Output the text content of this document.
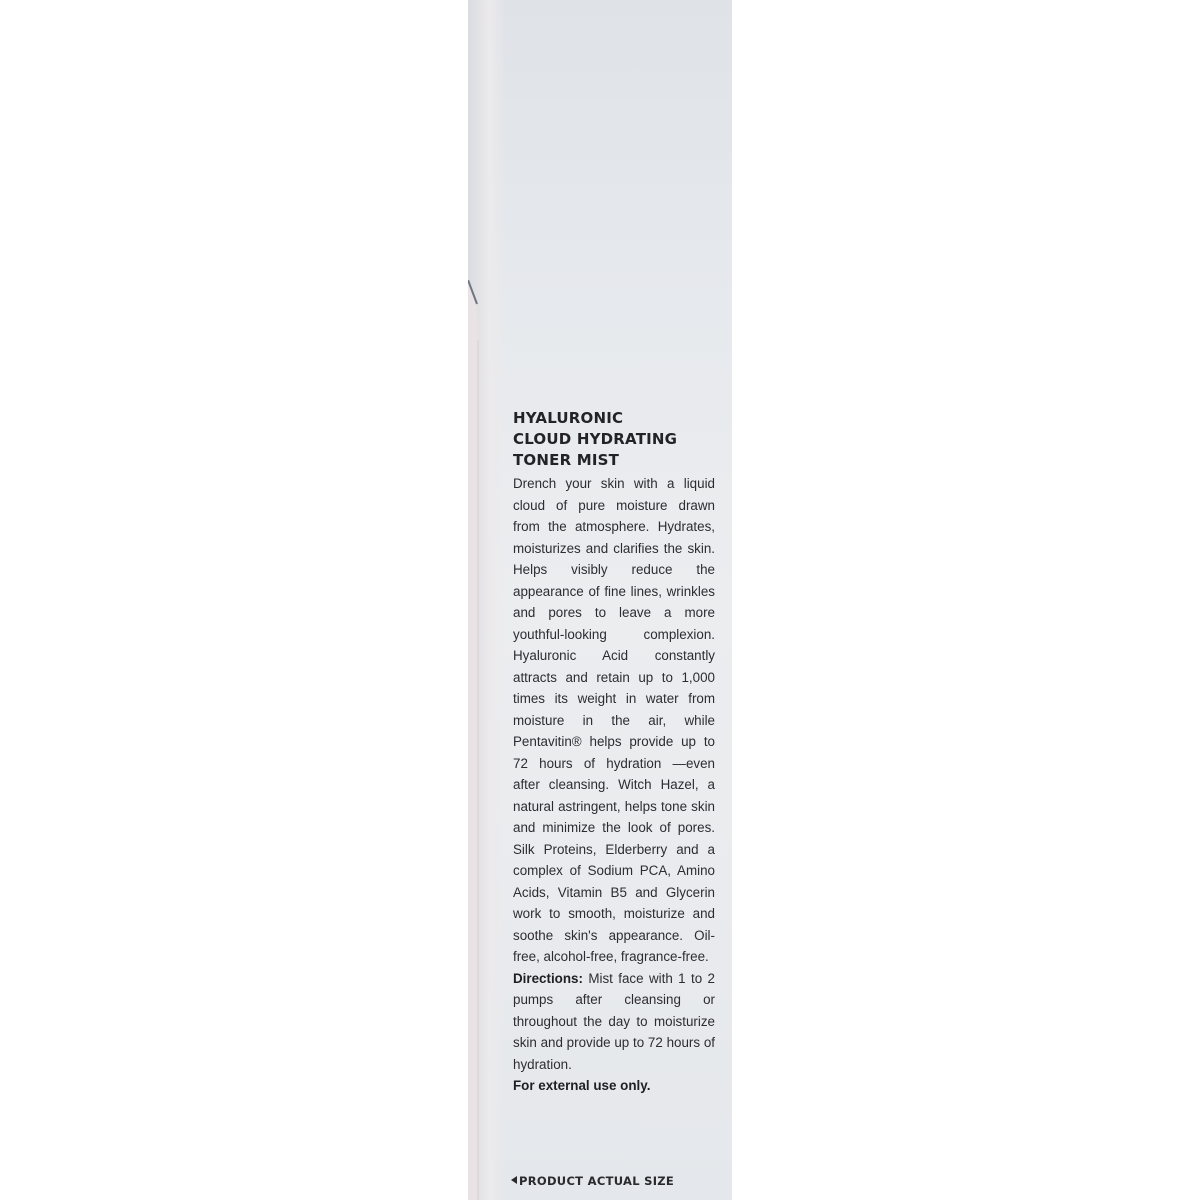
HYALURONIC
CLOUD HYDRATING
TONER MIST

Drench your skin with a liquid cloud of pure moisture drawn from the atmosphere. Hydrates, moisturizes and clarifies the skin. Helps visibly reduce the appearance of fine lines, wrinkles and pores to leave a more youthful-looking complexion. Hyaluronic Acid constantly attracts and retain up to 1,000 times its weight in water from moisture in the air, while Pentavitin® helps provide up to 72 hours of hydration —even after cleansing. Witch Hazel, a natural astringent, helps tone skin and minimize the look of pores. Silk Proteins, Elderberry and a complex of Sodium PCA, Amino Acids, Vitamin B5 and Glycerin work to smooth, moisturize and soothe skin's appearance. Oil-free, alcohol-free, fragrance-free.

Directions: Mist face with 1 to 2 pumps after cleansing or throughout the day to moisturize skin and provide up to 72 hours of hydration.

For external use only.

PRODUCT ACTUAL SIZE
